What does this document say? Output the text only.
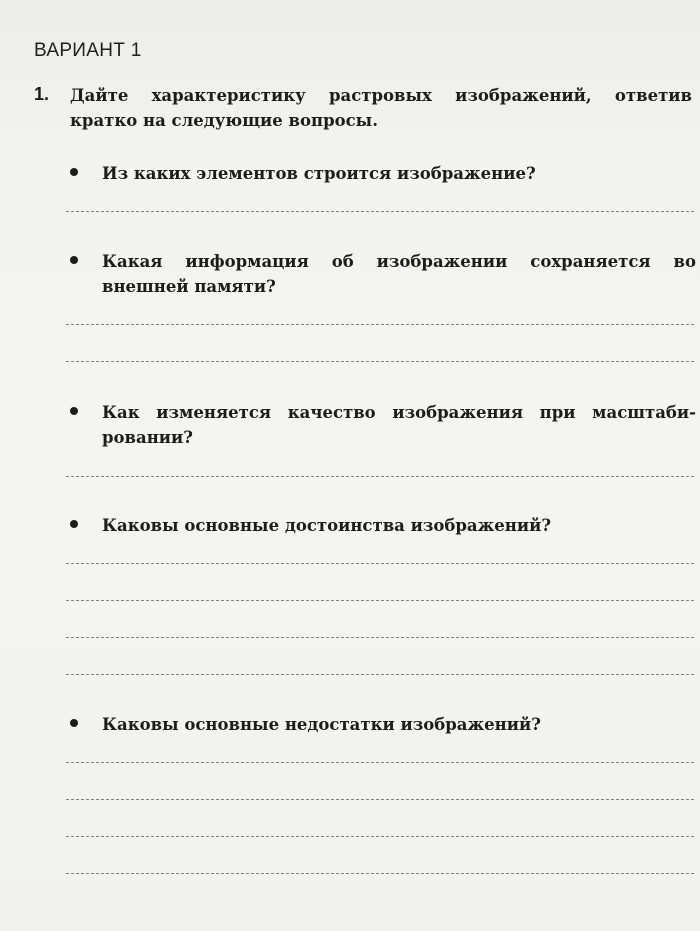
ВАРИАНТ 1
1. Дайте характеристику растровых изображений, ответив
кратко на следующие вопросы.
Из каких элементов строится изображение?
Какая информация об изображении сохраняется во
внешней памяти?
Как изменяется качество изображения при масштаби-
ровании?
Каковы основные достоинства изображений?
Каковы основные недостатки изображений?
